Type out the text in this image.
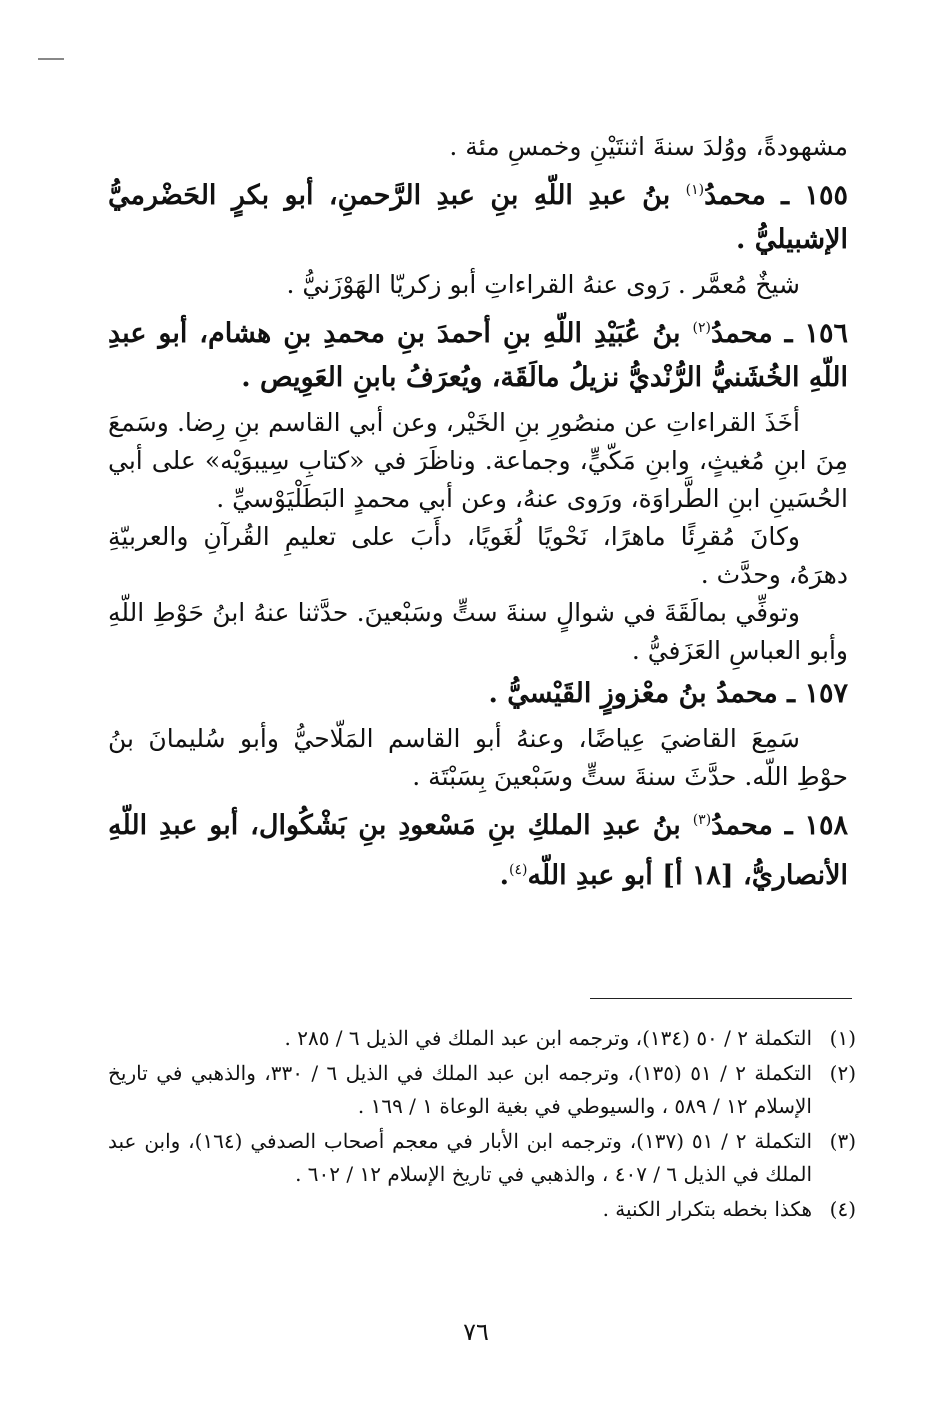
مشهودةً، ووُلدَ سنةَ اثنتَيْنِ وخمسِ مئة .

١٥٥ ـ محمدُ$^{(١)}$ بنُ عبدِ اللّهِ بنِ عبدِ الرَّحمنِ، أبو بكرٍ الحَضْرميُّ الإشبيليُّ .

شيخٌ مُعمَّر . رَوى عنهُ القراءاتِ أبو زكريّا الهَوْزَنيُّ .

١٥٦ ـ محمدُ$^{(٢)}$ بنُ عُبَيْدِ اللّهِ بنِ أحمدَ بنِ محمدِ بنِ هشام، أبو عبدِ اللّهِ الخُشَنيُّ الرُّنْديُّ نزيلُ مالَقَة، ويُعرَفُ بابنِ العَوِيص .

أخَذَ القراءاتِ عن منصُورِ بنِ الخَيْر، وعن أبي القاسم بنِ رِضا. وسَمعَ مِنَ ابنِ مُغيثٍ، وابنِ مَكّيٍّ، وجماعة. وناظَرَ في «كتابِ سِيبوَيْه» على أبي الحُسَينِ ابنِ الطَّراوَة، ورَوى عنهُ، وعن أبي محمدٍ البَطَلْيَوْسيِّ .

وكانَ مُقرِئًا ماهرًا، نَحْويًا لُغَويًا، دأَبَ على تعليمِ القُرآنِ والعربيّةِ دهرَهُ، وحدَّث .

وتوفِّي بمالَقَةَ في شوالٍ سنةَ ستٍّ وسَبْعينَ. حدَّثنا عنهُ ابنُ حَوْطِ اللّهِ وأبو العباسِ العَزَفيُّ .

١٥٧ ـ محمدُ بنُ معْزوزٍ القَيْسيُّ .

سَمِعَ القاضيَ عِياضًا، وعنهُ أبو القاسم المَلّاحيُّ وأبو سُليمانَ بنُ حوْطِ اللّه. حدَّثَ سنةَ ستٍّ وسَبْعينَ بِسَبْتَة .

١٥٨ ـ محمدُ$^{(٣)}$ بنُ عبدِ الملكِ بنِ مَسْعودِ بنِ بَشْكُوال، أبو عبدِ اللّهِ الأنصاريُّ، [١٨ أ] أبو عبدِ اللّه$^{(٤)}$.

(١)
التكملة ٢ / ٥٠ (١٣٤)، وترجمه ابن عبد الملك في الذيل ٦ / ٢٨٥ .
(٢)
التكملة ٢ / ٥١ (١٣٥)، وترجمه ابن عبد الملك في الذيل ٦ / ٣٣٠، والذهبي في تاريخ الإسلام ١٢ / ٥٨٩ ، والسيوطي في بغية الوعاة ١ / ١٦٩ .
(٣)
التكملة ٢ / ٥١ (١٣٧)، وترجمه ابن الأبار في معجم أصحاب الصدفي (١٦٤)، وابن عبد الملك في الذيل ٦ / ٤٠٧ ، والذهبي في تاريخ الإسلام ١٢ / ٦٠٢ .
(٤)
هكذا بخطه بتكرار الكنية .
٧٦
